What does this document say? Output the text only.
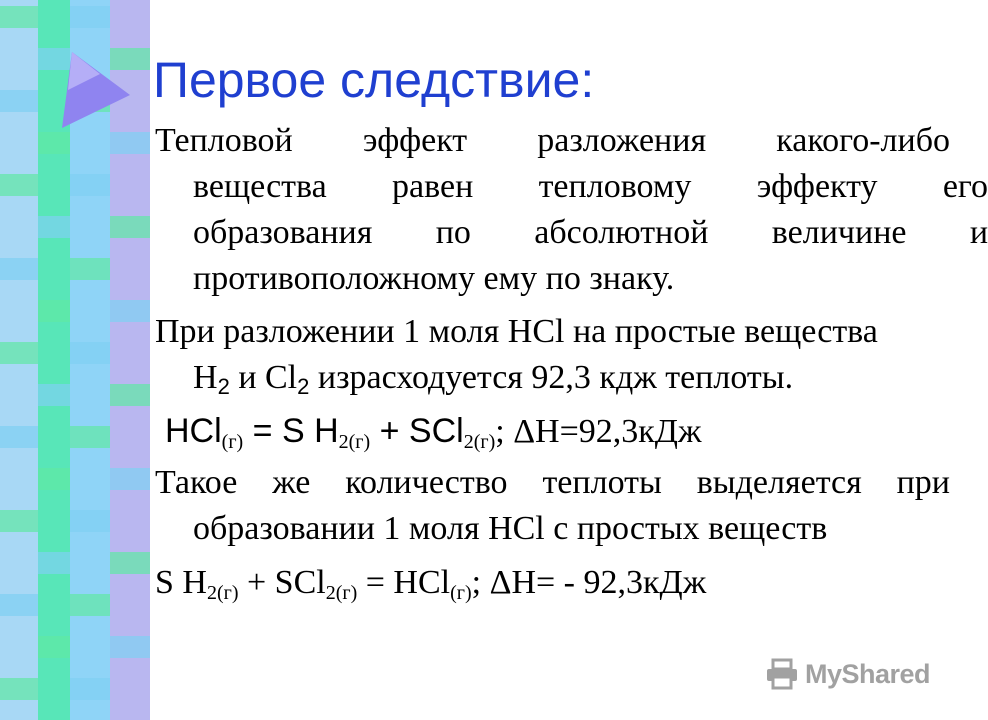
Первое следствие:
Тепловой эффект разложения какого-либо
вещества равен тепловому эффекту его
образования по абсолютной величине и
противоположному ему по знаку.
При разложении 1 моля HCl на простые вещества
$H_2$ и $Cl_2$ израсходуется 92,3 кдж теплоты.
HCl$_{(г)}$ = S $H_{2(г)} + SCl_{2(г)}$; ΔH=92,3кДж
Такое же количество теплоты выделяется при
образовании 1 моля HCl с простых веществ
S $H_{2(г)} + SCl_{2(г)} = HCl_{(г)}$; ΔH= - 92,3кДж
MyShared
